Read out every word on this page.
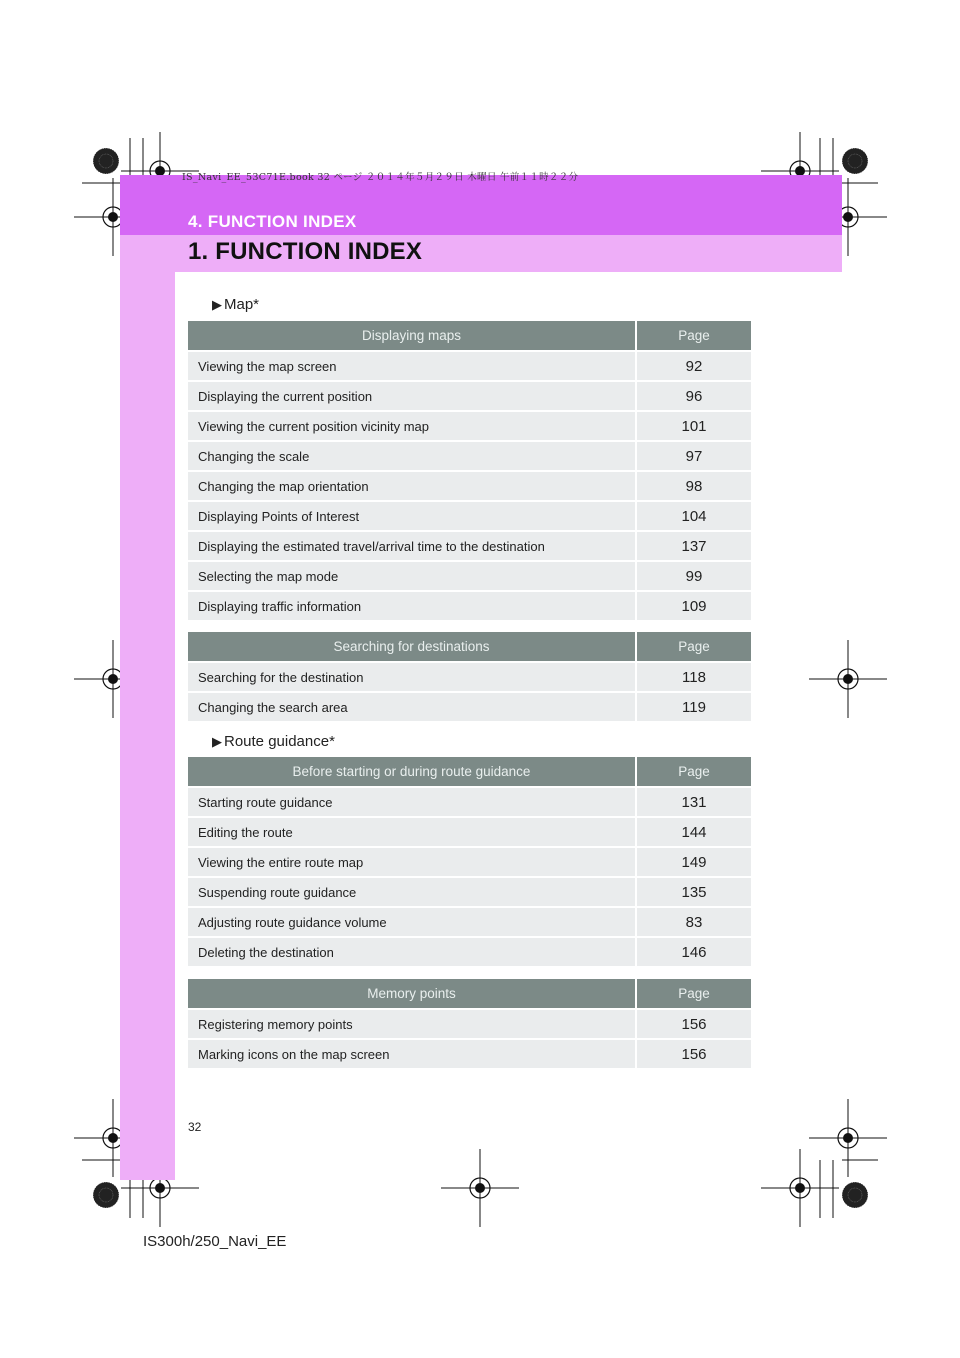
IS_Navi_EE_53C71E.book 32 ページ ２０１４年５月２９日 木曜日 午前１１時２２分
4. FUNCTION INDEX
1. FUNCTION INDEX
▶ Map*
Displaying maps	Page
Viewing the map screen	92
Displaying the current position	96
Viewing the current position vicinity map	101
Changing the scale	97
Changing the map orientation	98
Displaying Points of Interest	104
Displaying the estimated travel/arrival time to the destination	137
Selecting the map mode	99
Displaying traffic information	109
Searching for destinations	Page
Searching for the destination	118
Changing the search area	119
▶ Route guidance*
Before starting or during route guidance	Page
Starting route guidance	131
Editing the route	144
Viewing the entire route map	149
Suspending route guidance	135
Adjusting route guidance volume	83
Deleting the destination	146
Memory points	Page
Registering memory points	156
Marking icons on the map screen	156
32
IS300h/250_Navi_EE
